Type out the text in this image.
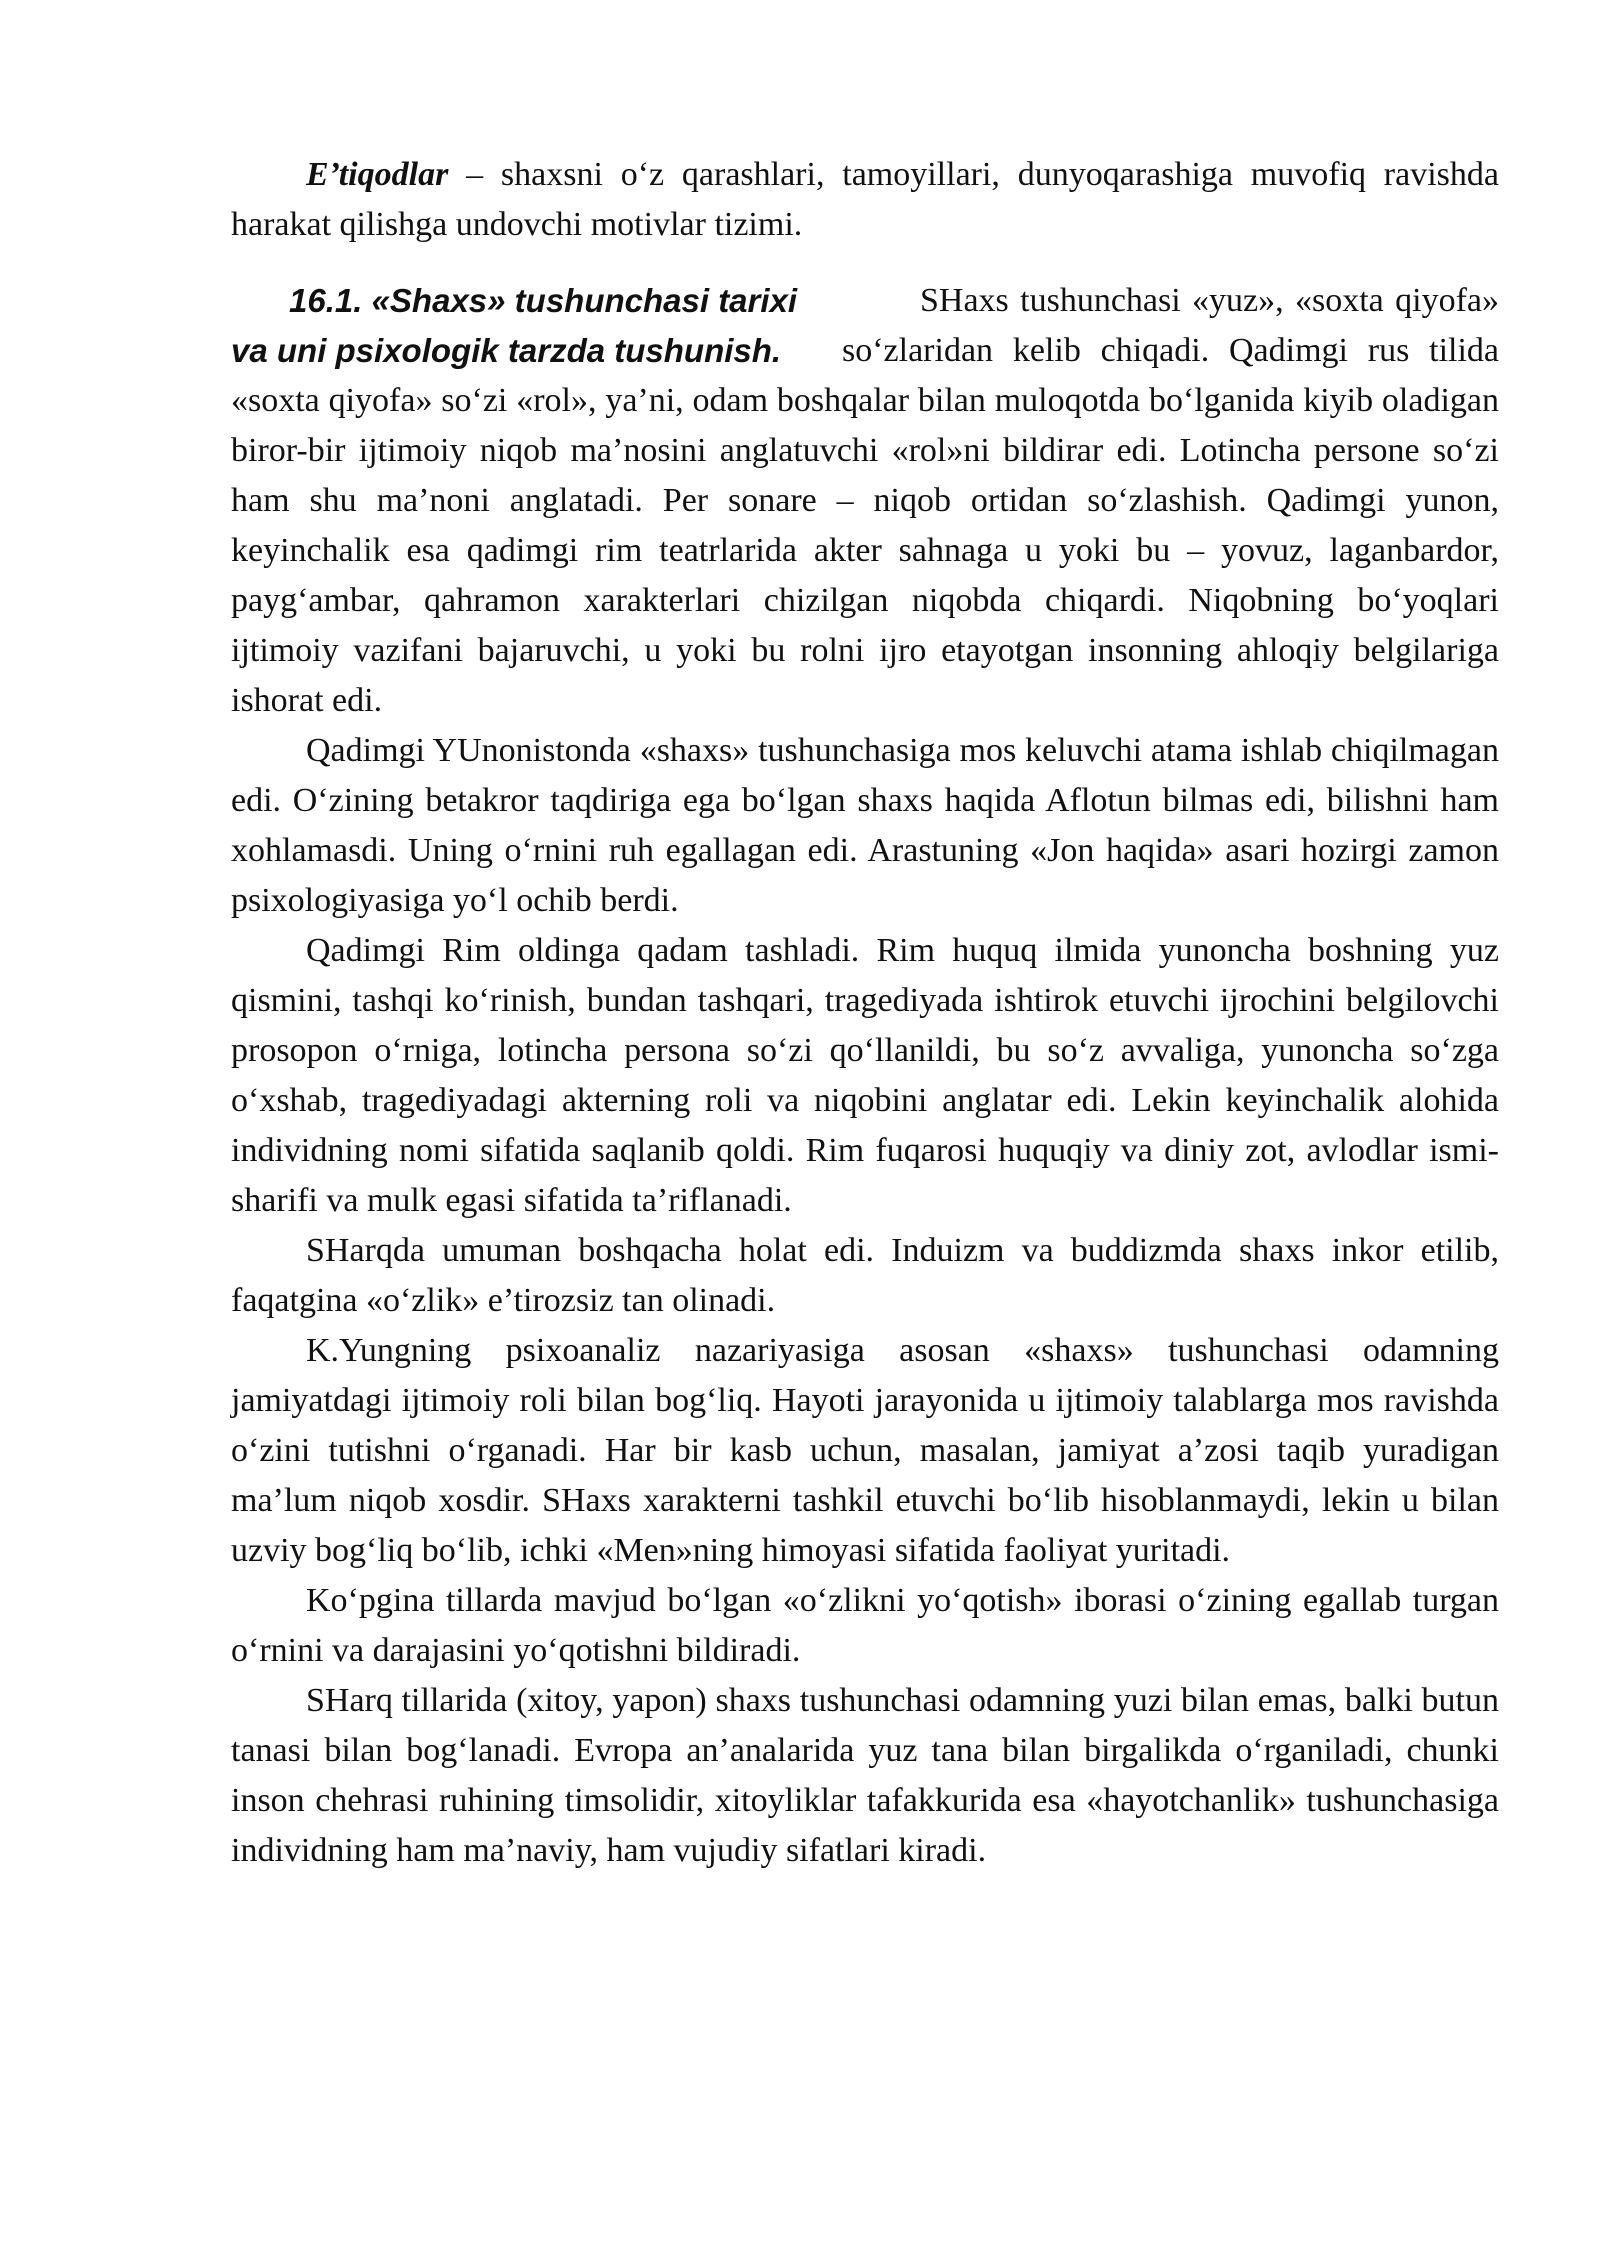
E’tiqodlar – shaxsni o‘z qarashlari, tamoyillari, dunyoqarashiga muvofiq ravishda harakat qilishga undovchi motivlar tizimi.

16.1. «Shaxs» tushunchasi tarixi va uni psixologik tarzda tushunish.

SHaxs tushunchasi «yuz», «soxta qiyofa» so‘zlaridan kelib chiqadi. Qadimgi rus tilida «soxta qiyofa» so‘zi «rol», ya’ni, odam boshqalar bilan muloqotda bo‘lganida kiyib oladigan biror-bir ijtimoiy niqob ma’nosini anglatuvchi «rol»ni bildirar edi. Lotincha persone so‘zi ham shu ma’noni anglatadi. Per sonare – niqob ortidan so‘zlashish. Qadimgi yunon, keyinchalik esa qadimgi rim teatrlarida akter sahnaga u yoki bu – yovuz, laganbardor, payg‘ambar, qahramon xarakterlari chizilgan niqobda chiqardi. Niqobning bo‘yoqlari ijtimoiy vazifani bajaruvchi, u yoki bu rolni ijro etayotgan insonning ahloqiy belgilariga ishorat edi.

Qadimgi YUnonistonda «shaxs» tushunchasiga mos keluvchi atama ishlab chiqilmagan edi. O‘zining betakror taqdiriga ega bo‘lgan shaxs haqida Aflotun bilmas edi, bilishni ham xohlamasdi. Uning o‘rnini ruh egallagan edi. Arastuning «Jon haqida» asari hozirgi zamon psixologiyasiga yo‘l ochib berdi.

Qadimgi Rim oldinga qadam tashladi. Rim huquq ilmida yunoncha boshning yuz qismini, tashqi ko‘rinish, bundan tashqari, tragediyada ishtirok etuvchi ijrochini belgilovchi prosopon o‘rniga, lotincha persona so‘zi qo‘llanildi, bu so‘z avvaliga, yunoncha so‘zga o‘xshab, tragediyadagi akterning roli va niqobini anglatar edi. Lekin keyinchalik alohida individning nomi sifatida saqlanib qoldi. Rim fuqarosi huquqiy va diniy zot, avlodlar ismi-sharifi va mulk egasi sifatida ta’riflanadi.

SHarqda umuman boshqacha holat edi. Induizm va buddizmda shaxs inkor etilib, faqatgina «o‘zlik» e’tirozsiz tan olinadi.

K.Yungning psixoanaliz nazariyasiga asosan «shaxs» tushunchasi odamning jamiyatdagi ijtimoiy roli bilan bog‘liq. Hayoti jarayonida u ijtimoiy talablarga mos ravishda o‘zini tutishni o‘rganadi. Har bir kasb uchun, masalan, jamiyat a’zosi taqib yuradigan ma’lum niqob xosdir. SHaxs xarakterni tashkil etuvchi bo‘lib hisoblanmaydi, lekin u bilan uzviy bog‘liq bo‘lib, ichki «Men»ning himoyasi sifatida faoliyat yuritadi.

Ko‘pgina tillarda mavjud bo‘lgan «o‘zlikni yo‘qotish» iborasi o‘zining egallab turgan o‘rnini va darajasini yo‘qotishni bildiradi.

SHarq tillarida (xitoy, yapon) shaxs tushunchasi odamning yuzi bilan emas, balki butun tanasi bilan bog‘lanadi. Evropa an’analarida yuz tana bilan birgalikda o‘rganiladi, chunki inson chehrasi ruhining timsolidir, xitoyliklar tafakkurida esa «hayotchanlik» tushunchasiga individning ham ma’naviy, ham vujudiy sifatlari kiradi.
